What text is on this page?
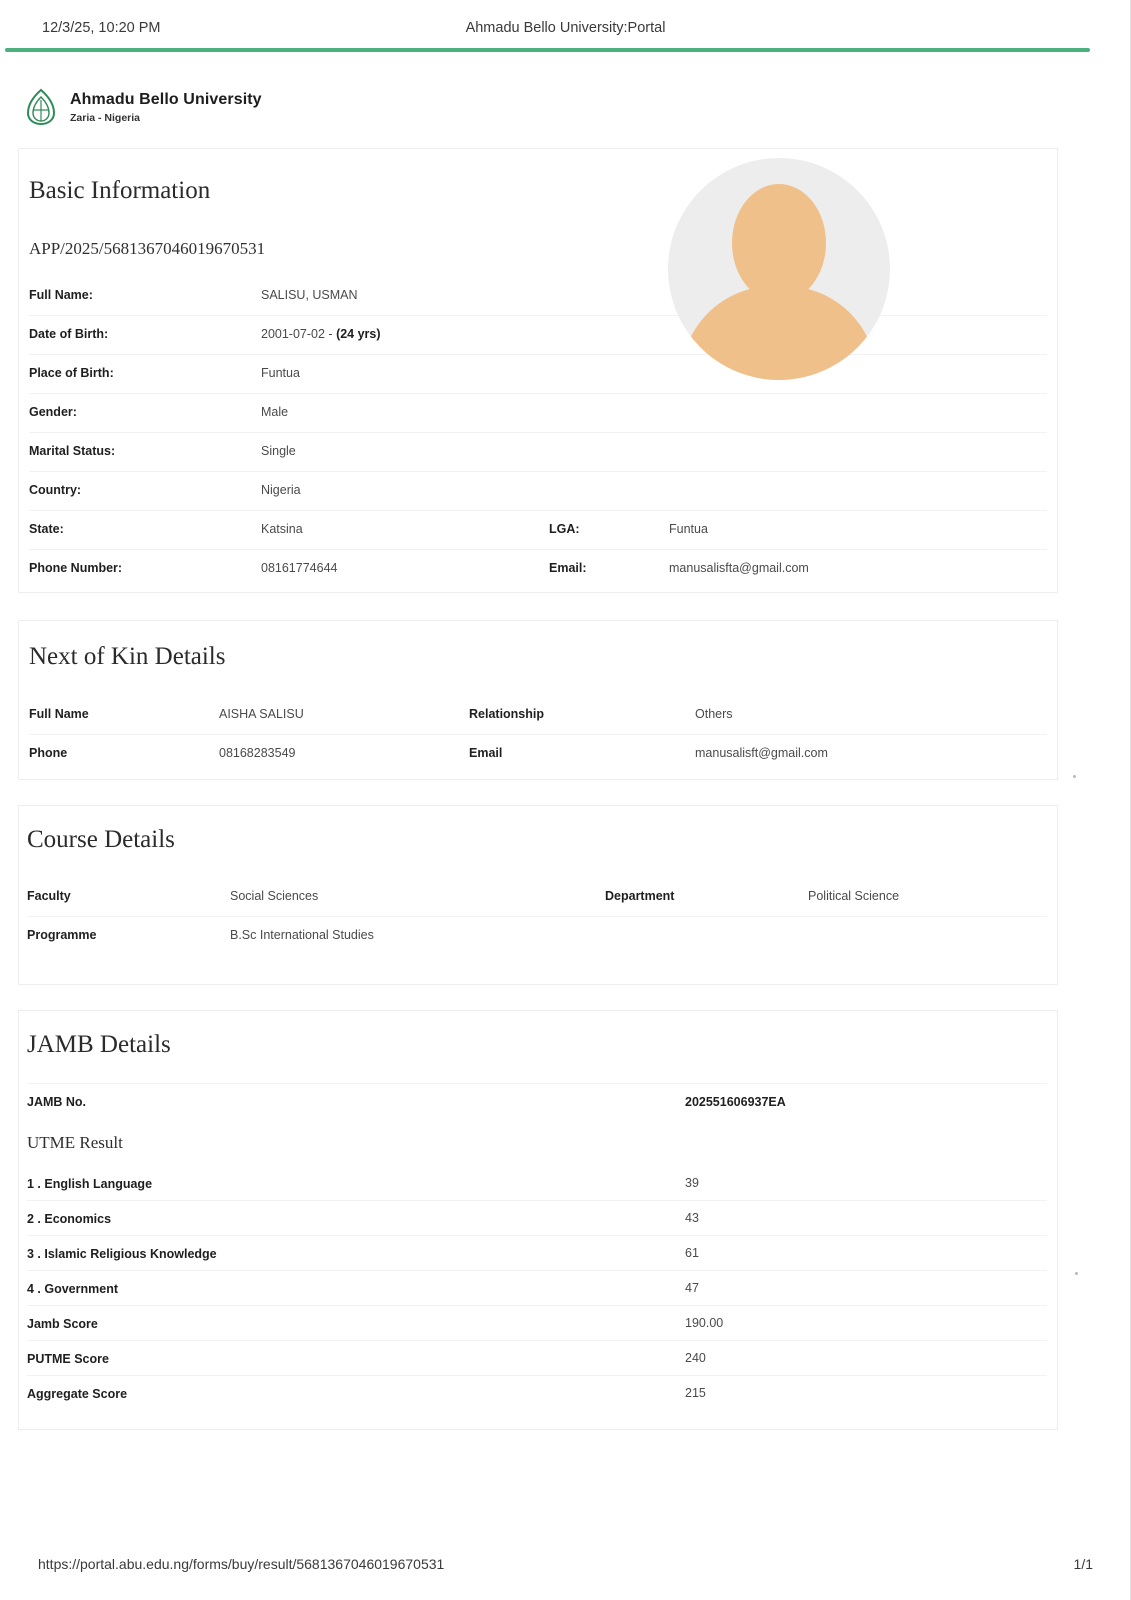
12/3/25, 10:20 PM	Ahmadu Bello University:Portal
Ahmadu Bello University
Zaria - Nigeria
Basic Information
APP/2025/5681367046019670531
Full Name:	SALISU, USMAN
Date of Birth:	2001-07-02 - (24 yrs)
Place of Birth:	Funtua
Gender:	Male
Marital Status:	Single
Country:	Nigeria
State:	Katsina	LGA:	Funtua
Phone Number:	08161774644	Email:	manusalisfta@gmail.com
Next of Kin Details
Full Name	AISHA SALISU	Relationship	Others
Phone	08168283549	Email	manusalisft@gmail.com
Course Details
Faculty	Social Sciences	Department	Political Science
Programme	B.Sc International Studies
JAMB Details
JAMB No.	202551606937EA
UTME Result
1 . English Language	39
2 . Economics	43
3 . Islamic Religious Knowledge	61
4 . Government	47
Jamb Score	190.00
PUTME Score	240
Aggregate Score	215
https://portal.abu.edu.ng/forms/buy/result/5681367046019670531	1/1
